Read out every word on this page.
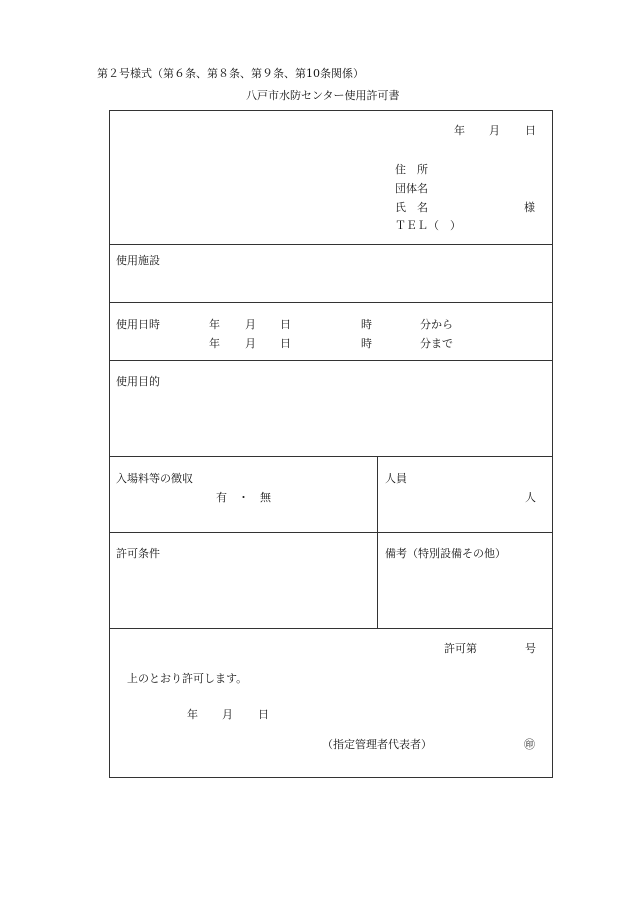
第２号様式（第６条、第８条、第９条、第10条関係）
八戸市水防センター使用許可書
年 月 日
住　所
団体名
氏　名	様
ＴＥＬ（　）
使用施設
使用日時	年 月 日	時	分から
年 月 日	時	分まで
使用目的
入場料等の徴収
有　・　無
人員
人
許可条件	備考（特別設備その他）
許可第	号
上のとおり許可します。
年 月 日
（指定管理者代表者）	㊞
